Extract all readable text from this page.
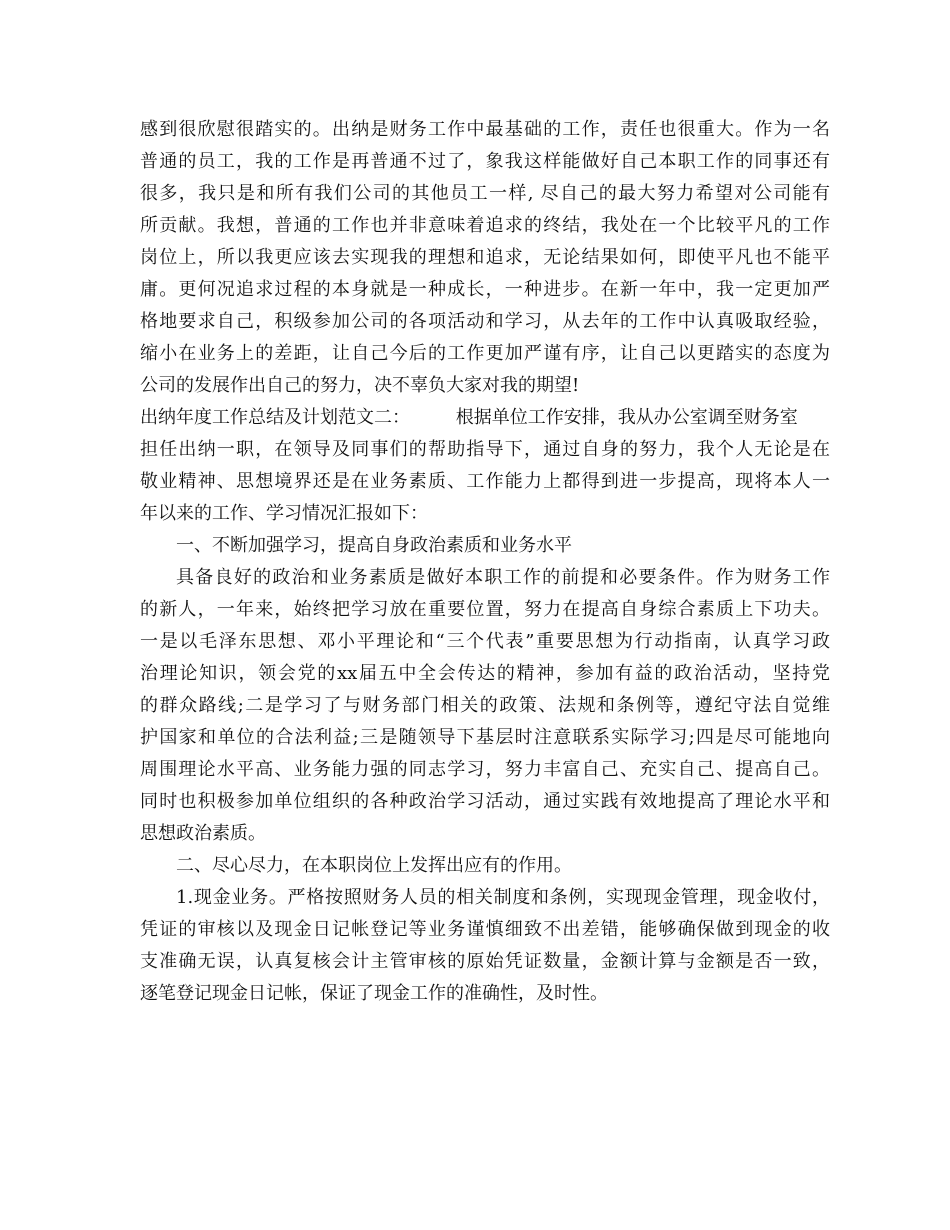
感到很欣慰很踏实的。出纳是财务工作中最基础的工作，责任也很重大。作为一名
普通的员工，我的工作是再普通不过了，象我这样能做好自己本职工作的同事还有
很多，我只是和所有我们公司的其他员工一样, 尽自己的最大努力希望对公司能有
所贡献。我想，普通的工作也并非意味着追求的终结，我处在一个比较平凡的工作
岗位上，所以我更应该去实现我的理想和追求，无论结果如何，即使平凡也不能平
庸。更何况追求过程的本身就是一种成长，一种进步。在新一年中，我一定更加严
格地要求自己，积级参加公司的各项活动和学习，从去年的工作中认真吸取经验，
缩小在业务上的差距，让自己今后的工作更加严谨有序，让自己以更踏实的态度为
公司的发展作出自己的努力，决不辜负大家对我的期望!
出纳年度工作总结及计划范文二：        根据单位工作安排，我从办公室调至财务室
担任出纳一职，在领导及同事们的帮助指导下，通过自身的努力，我个人无论是在
敬业精神、思想境界还是在业务素质、工作能力上都得到进一步提高，现将本人一
年以来的工作、学习情况汇报如下：
一、不断加强学习，提高自身政治素质和业务水平
具备良好的政治和业务素质是做好本职工作的前提和必要条件。作为财务工作
的新人，一年来，始终把学习放在重要位置，努力在提高自身综合素质上下功夫。
一是以毛泽东思想、邓小平理论和“三个代表”重要思想为行动指南，认真学习政
治理论知识，领会党的xx届五中全会传达的精神，参加有益的政治活动，坚持党
的群众路线;二是学习了与财务部门相关的政策、法规和条例等，遵纪守法自觉维
护国家和单位的合法利益;三是随领导下基层时注意联系实际学习;四是尽可能地向
周围理论水平高、业务能力强的同志学习，努力丰富自己、充实自己、提高自己。
同时也积极参加单位组织的各种政治学习活动，通过实践有效地提高了理论水平和
思想政治素质。
二、尽心尽力，在本职岗位上发挥出应有的作用。
1.现金业务。严格按照财务人员的相关制度和条例，实现现金管理，现金收付，
凭证的审核以及现金日记帐登记等业务谨慎细致不出差错，能够确保做到现金的收
支准确无误，认真复核会计主管审核的原始凭证数量，金额计算与金额是否一致，
逐笔登记现金日记帐，保证了现金工作的准确性，及时性。
